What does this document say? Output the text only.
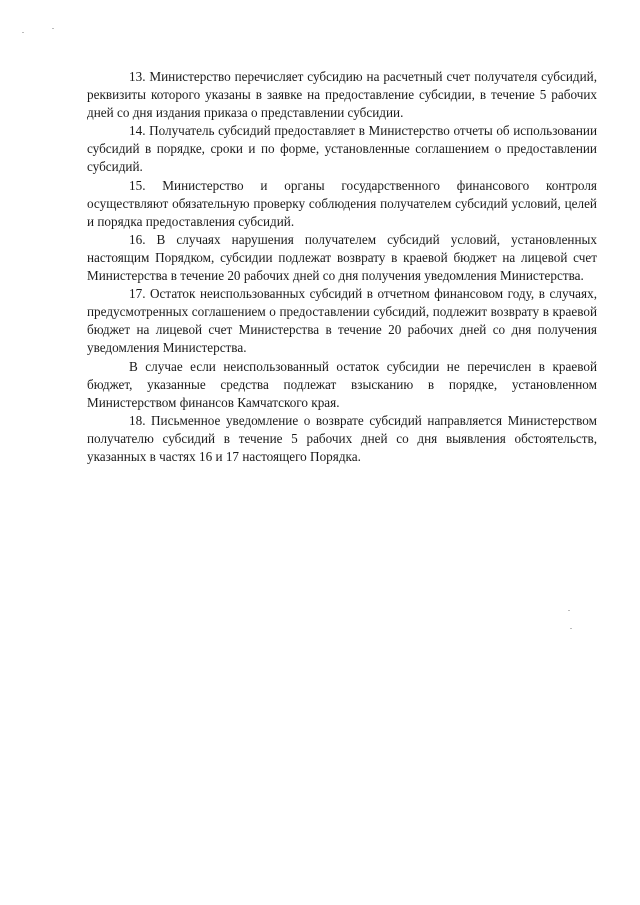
13. Министерство перечисляет субсидию на расчетный счет получателя субсидий, реквизиты которого указаны в заявке на предоставление субсидии, в течение 5 рабочих дней со дня издания приказа о представлении субсидии.

14. Получатель субсидий предоставляет в Министерство отчеты об использовании субсидий в порядке, сроки и по форме, установленные соглашением о предоставлении субсидий.

15. Министерство и органы государственного финансового контроля осуществляют обязательную проверку соблюдения получателем субсидий условий, целей и порядка предоставления субсидий.

16. В случаях нарушения получателем субсидий условий, установленных настоящим Порядком, субсидии подлежат возврату в краевой бюджет на лицевой счет Министерства в течение 20 рабочих дней со дня получения уведомления Министерства.

17. Остаток неиспользованных субсидий в отчетном финансовом году, в случаях, предусмотренных соглашением о предоставлении субсидий, подлежит возврату в краевой бюджет на лицевой счет Министерства в течение 20 рабочих дней со дня получения уведомления Министерства.

В случае если неиспользованный остаток субсидии не перечислен в краевой бюджет, указанные средства подлежат взысканию в порядке, установленном Министерством финансов Камчатского края.

18. Письменное уведомление о возврате субсидий направляется Министерством получателю субсидий в течение 5 рабочих дней со дня выявления обстоятельств, указанных в частях 16 и 17 настоящего Порядка.
